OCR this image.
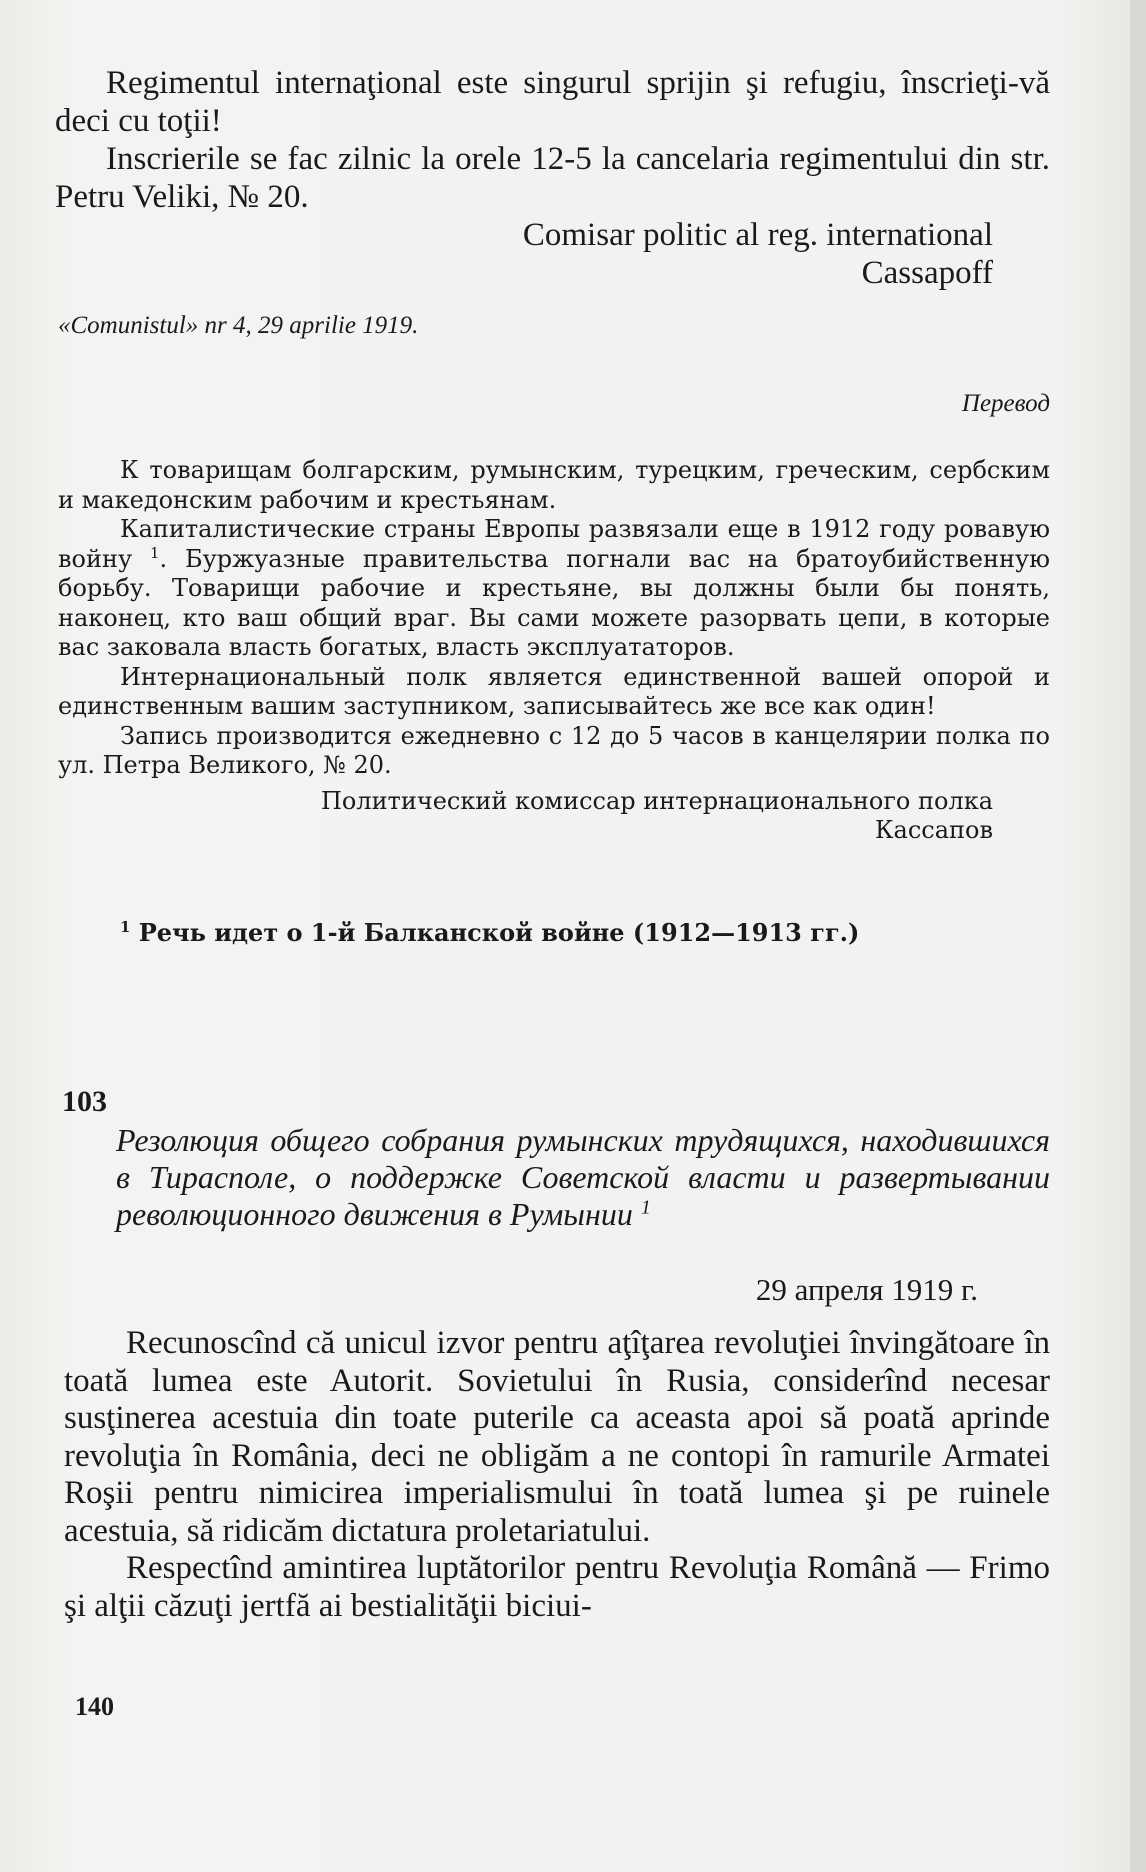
Regimentul internaţional este singurul sprijin şi refugiu, înscrieţi-vă deci cu toţii!

Inscrierile se fac zilnic la orele 12-5 la cancelaria regimentului din str. Petru Veliki, № 20.

Comisar politic al reg. international
Cassapoff
«Comunistul» nr 4, 29 aprilie 1919.
Перевод

К товарищам болгарским, румынским, турецким, греческим, сербским и македонским рабочим и крестьянам.

Капиталистические страны Европы развязали еще в 1912 году ровавую войну $^1$. Буржуазные правительства погнали вас на братоубийственную борьбу. Товарищи рабочие и крестьяне, вы должны были бы понять, наконец, кто ваш общий враг. Вы сами можете разорвать цепи, в которые вас заковала власть богатых, власть эксплуататоров.

Интернациональный полк является единственной вашей опорой и единственным вашим заступником, записывайтесь же все как один!

Запись производится ежедневно с 12 до 5 часов в канцелярии полка по ул. Петра Великого, № 20.

Политический комиссар интернационального полка
Кассапов
$^1$ Речь идет о 1-й Балканской войне (1912—1913 гг.)
103
Резолюция общего собрания румынских трудящихся, находившихся в Тирасполе, о поддержке Советской власти и развертывании революционного движения в Румынии $^1$
29 апреля 1919 г.

Recunoscînd că unicul izvor pentru aţîţarea revoluţiei învingătoare în toată lumea este Autorit. Sovietului în Rusia, considerînd necesar susţinerea acestuia din toate puterile ca aceasta apoi să poată aprinde revoluţia în România, deci ne obligăm a ne contopi în ramurile Armatei Roşii pentru nimicirea imperialismului în toată lumea şi pe ruinele acestuia, să ridicăm dictatura proletariatului.

Respectînd amintirea luptătorilor pentru Revoluţia Română — Frimo şi alţii căzuţi jertfă ai bestialităţii biciui-

140
